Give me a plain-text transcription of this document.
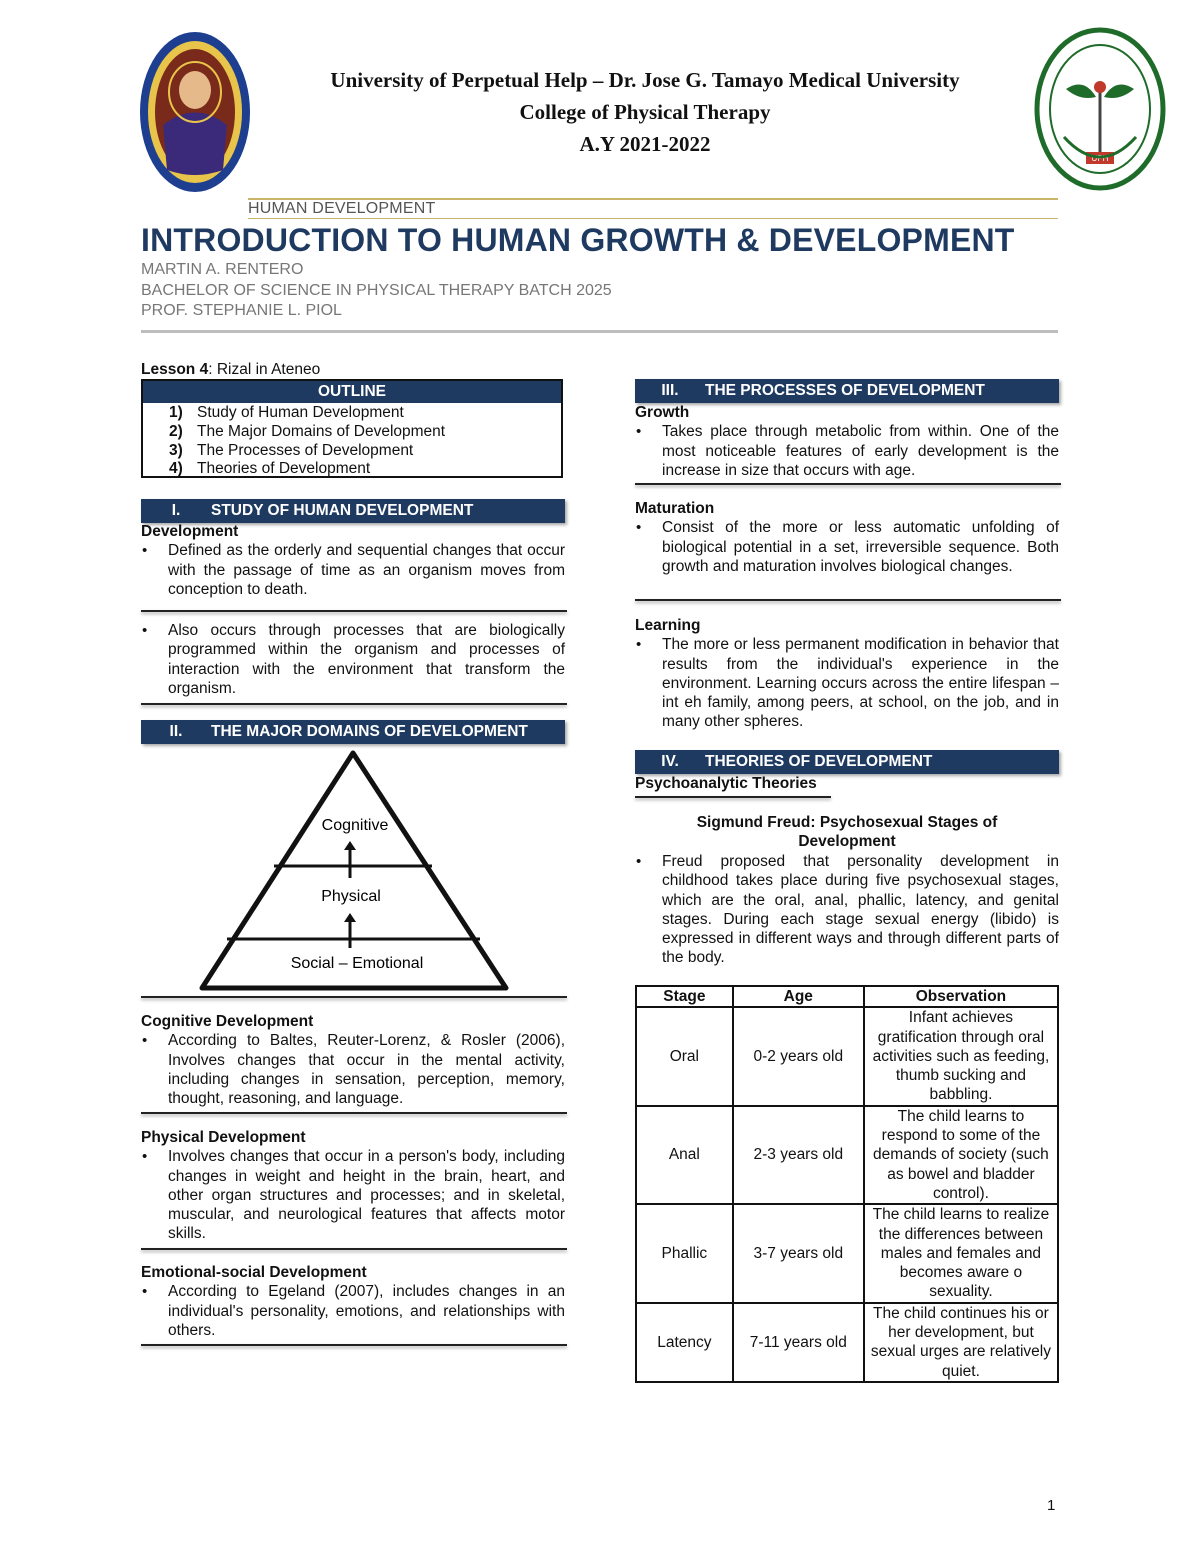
University of Perpetual Help – Dr. Jose G. Tamayo Medical University
College of Physical Therapy
A.Y 2021-2022
UPH
HUMAN DEVELOPMENT
INTRODUCTION TO HUMAN GROWTH & DEVELOPMENT
MARTIN A. RENTERO
BACHELOR OF SCIENCE IN PHYSICAL THERAPY BATCH 2025
PROF. STEPHANIE L. PIOL
Lesson 4: Rizal in Ateneo
OUTLINE
1) Study of Human Development
2) The Major Domains of Development
3) The Processes of Development
4) Theories of Development
I. STUDY OF HUMAN DEVELOPMENT
Development
• Defined as the orderly and sequential changes that occur with the passage of time as an organism moves from conception to death.
• Also occurs through processes that are biologically programmed within the organism and processes of interaction with the environment that transform the organism.
II. THE MAJOR DOMAINS OF DEVELOPMENT
Cognitive
Physical
Social – Emotional
Cognitive Development
• According to Baltes, Reuter-Lorenz, & Rosler (2006), Involves changes that occur in the mental activity, including changes in sensation, perception, memory, thought, reasoning, and language.
Physical Development
• Involves changes that occur in a person's body, including changes in weight and height in the brain, heart, and other organ structures and processes; and in skeletal, muscular, and neurological features that affects motor skills.
Emotional-social Development
• According to Egeland (2007), includes changes in an individual's personality, emotions, and relationships with others.
III. THE PROCESSES OF DEVELOPMENT
Growth
• Takes place through metabolic from within. One of the most noticeable features of early development is the increase in size that occurs with age.
Maturation
• Consist of the more or less automatic unfolding of biological potential in a set, irreversible sequence. Both growth and maturation involves biological changes.
Learning
• The more or less permanent modification in behavior that results from the individual's experience in the environment. Learning occurs across the entire lifespan – int eh family, among peers, at school, on the job, and in many other spheres.
IV. THEORIES OF DEVELOPMENT
Psychoanalytic Theories
Sigmund Freud: Psychosexual Stages of
Development
• Freud proposed that personality development in childhood takes place during five psychosexual stages, which are the oral, anal, phallic, latency, and genital stages. During each stage sexual energy (libido) is expressed in different ways and through different parts of the body.
Stage	Age	Observation
Oral	0-2 years old	Infant achieves gratification through oral activities such as feeding, thumb sucking and babbling.
Anal	2-3 years old	The child learns to respond to some of the demands of society (such as bowel and bladder control).
Phallic	3-7 years old	The child learns to realize the differences between males and females and becomes aware o sexuality.
Latency	7-11 years old	The child continues his or her development, but sexual urges are relatively quiet.
1
